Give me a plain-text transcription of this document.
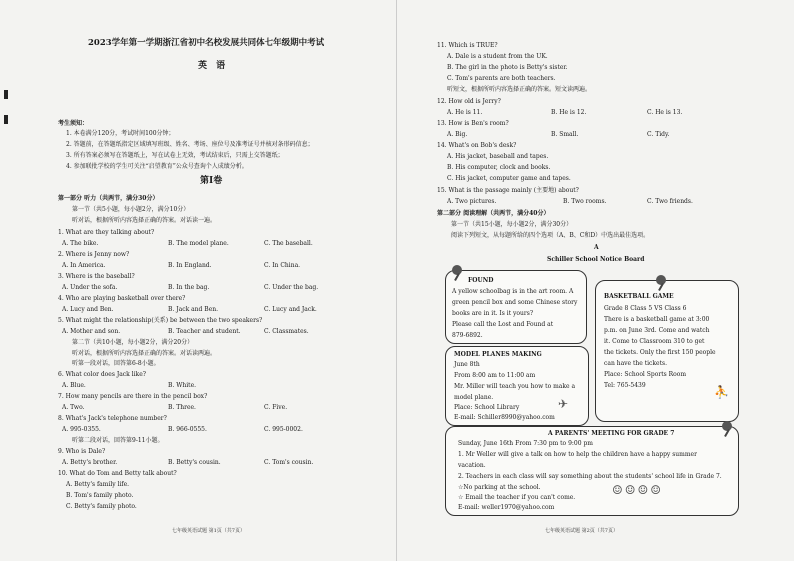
2023学年第一学期浙江省初中名校发展共同体七年级期中考试
英 语
考生须知：
1. 本卷满分120分，考试时间100分钟；
2. 答题前，在答题纸指定区域填写班级、姓名、考场、座位号及准考证号并核对条形码信息；
3. 所有答案必须写在答题纸上，写在试卷上无效，考试结束后，只需上交答题纸；
4. 参加联批学校的学生可关注“启望教育”公众号查询个人成绩分析。
第Ⅰ卷
第一部分 听力（共两节，满分30分）
第一节（共5小题，每小题2分，满分10分）
听对话，根据所听内容选择正确的答案。对话读一遍。
1. What are they talking about?
A. The bike.	B. The model plane.	C. The baseball.
2. Where is Jenny now?
A. In America.	B. In England.	C. In China.
3. Where is the baseball?
A. Under the sofa.	B. In the bag.	C. Under the bag.
4. Who are playing basketball over there?
A. Lucy and Ben.	B. Jack and Ben.	C. Lucy and Jack.
5. What might the relationship(关系) be between the two speakers?
A. Mother and son.	B. Teacher and student.	C. Classmates.
第二节（共10小题，每小题2分，满分20分）
听对话，根据所听内容选择正确的答案。对话读两遍。
听第一段对话，回答第6-8小题。
6. What color does Jack like?
A. Blue.	B. White.
7. How many pencils are there in the pencil box?
A. Two.	B. Three.	C. Five.
8. What's Jack's telephone number?
A. 995-0355.	B. 966-0555.	C. 995-0002.
听第二段对话，回答第9-11小题。
9. Who is Dale?
A. Betty's brother.	B. Betty's cousin.	C. Tom's cousin.
10. What do Tom and Betty talk about?
A. Betty's family life.
B. Tom's family photo.
C. Betty's family photo.
七年级英语试题 第1页（共7页）
11. Which is TRUE?
A. Dale is a student from the UK.
B. The girl in the photo is Betty's sister.
C. Tom's parents are both teachers.
听短文，根据所听内容选择正确的答案。短文读两遍。
12. How old is Jerry?
A. He is 11.	B. He is 12.	C. He is 13.
13. How is Ben's room?
A. Big.	B. Small.	C. Tidy.
14. What's on Bob's desk?
A. His jacket, baseball and tapes.
B. His computer, clock and books.
C. His jacket, computer game and tapes.
15. What is the passage mainly (主要地) about?
A. Two pictures.	B. Two rooms.	C. Two friends.
第二部分 阅读理解（共两节，满分40分）
第一节（共15小题，每小题2分，满分30分）
阅读下列短文，从每题所给的四个选项（A、B、C和D）中选出最佳选项。
A
Schiller School Notice Board
FOUND
A yellow schoolbag is in the art room. A
green pencil box and some Chinese story
books are in it. Is it yours?
Please call the Lost and Found at
879-6892.
BASKETBALL GAME
Grade 8 Class 5 VS Class 6
There is a basketball game at 3:00
p.m. on June 3rd. Come and watch
it. Come to Classroom 310 to get
the tickets. Only the first 150 people
can have the tickets.
Place: School Sports Room
Tel: 765-5439	⛹
MODEL PLANES MAKING
June 8th
From 8:00 am to 11:00 am
Mr. Miller will teach you how to make a
model plane.
Place: School Library
E-mail: Schiller8990@yahoo.com
✈
A PARENTS' MEETING FOR GRADE 7
Sunday, June 16th From 7:30 pm to 9:00 pm
1. Mr Weller will give a talk on how to help the children have a happy summer
vacation.
2. Teachers in each class will say something about the students' school life in Grade 7.
☆No parking at the school.
☆ Email the teacher if you can't come.
E-mail: weller1970@yahoo.com
☺☺☺☺
七年级英语试题 第2页（共7页）
